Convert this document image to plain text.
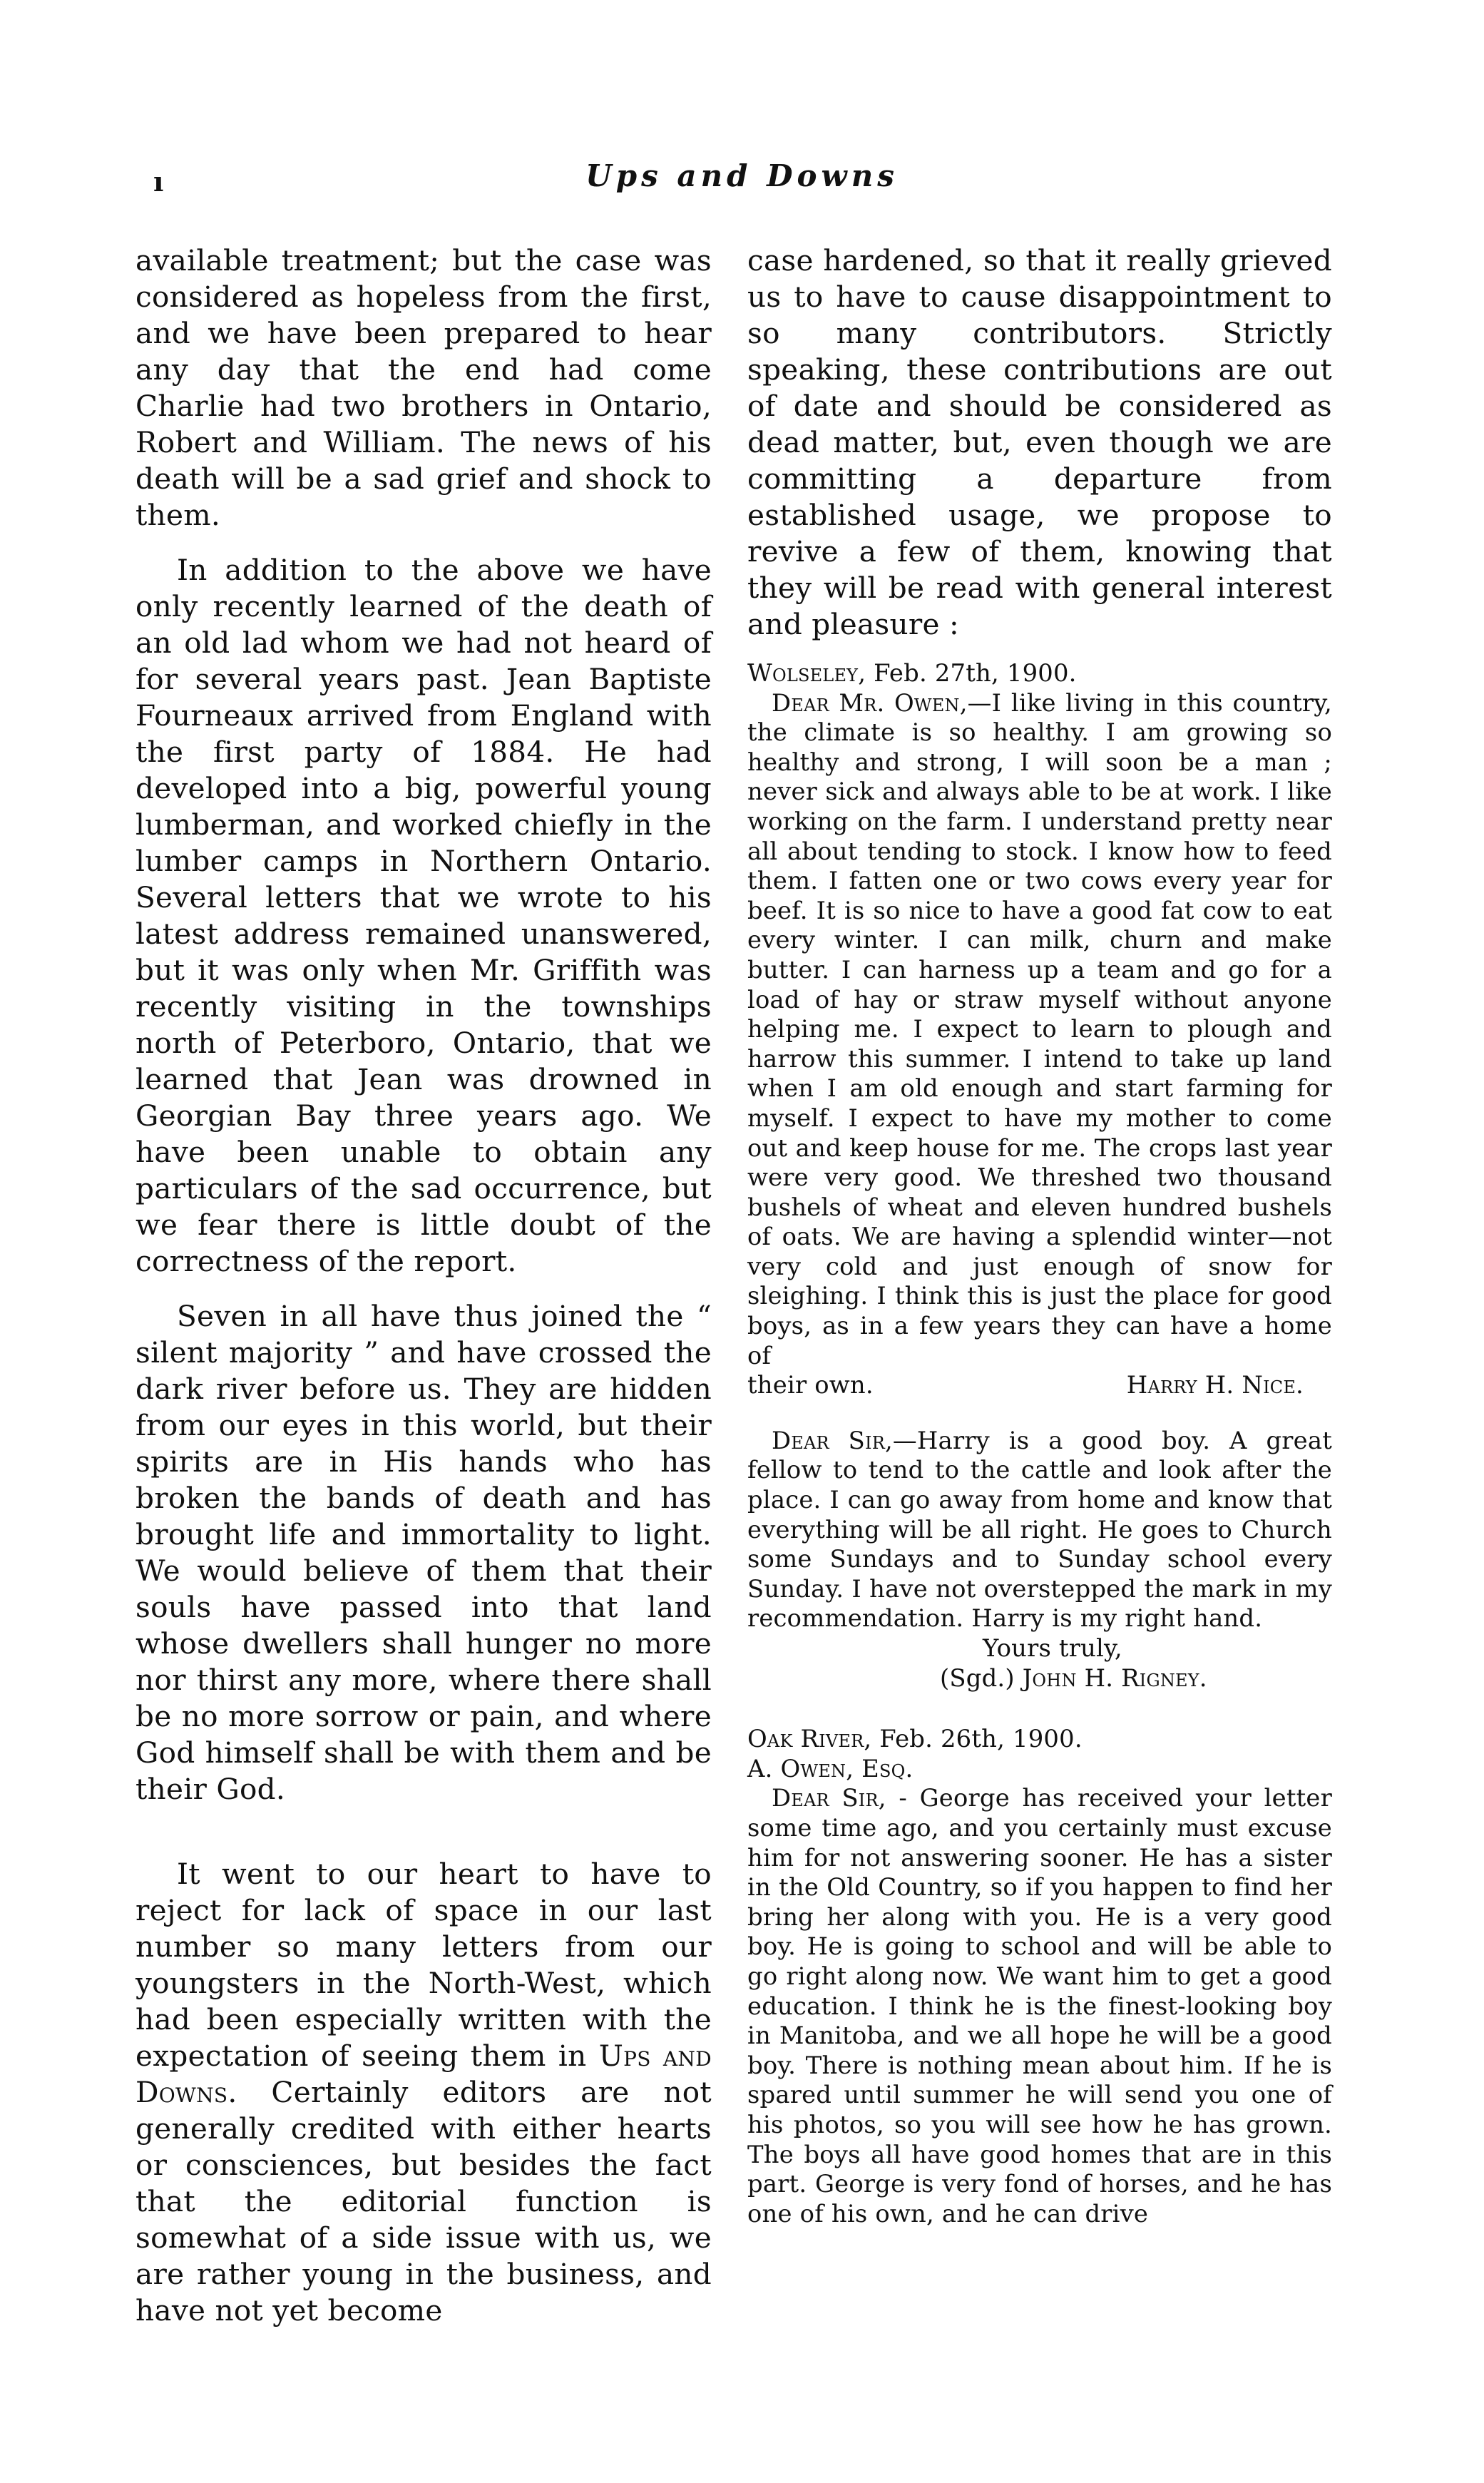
ı	Ups and Downs

available treatment; but the case was considered as hopeless from the first, and we have been prepared to hear any day that the end had come Charlie had two brothers in Ontario, Robert and William. The news of his death will be a sad grief and shock to them.

In addition to the above we have only recently learned of the death of an old lad whom we had not heard of for several years past. Jean Baptiste Fourneaux arrived from England with the first party of 1884. He had developed into a big, powerful young lumberman, and worked chiefly in the lumber camps in Northern Ontario. Several letters that we wrote to his latest address remained unanswered, but it was only when Mr. Griffith was recently visiting in the townships north of Peterboro, Ontario, that we learned that Jean was drowned in Georgian Bay three years ago. We have been unable to obtain any particulars of the sad occurrence, but we fear there is little doubt of the correctness of the report.

Seven in all have thus joined the “ silent majority ” and have crossed the dark river before us. They are hidden from our eyes in this world, but their spirits are in His hands who has broken the bands of death and has brought life and immortality to light. We would believe of them that their souls have passed into that land whose dwellers shall hunger no more nor thirst any more, where there shall be no more sorrow or pain, and where God himself shall be with them and be their God.

It went to our heart to have to reject for lack of space in our last number so many letters from our youngsters in the North-West, which had been especially written with the expectation of seeing them in Ups and Downs. Certainly editors are not generally credited with either hearts or consciences, but besides the fact that the editorial function is somewhat of a side issue with us, we are rather young in the business, and have not yet become

case hardened, so that it really grieved us to have to cause disappointment to so many contributors. Strictly speaking, these contributions are out of date and should be considered as dead matter, but, even though we are committing a departure from established usage, we propose to revive a few of them, knowing that they will be read with general interest and pleasure :

Wolseley, Feb. 27th, 1900.

Dear Mr. Owen,—I like living in this country, the climate is so healthy. I am growing so healthy and strong, I will soon be a man ; never sick and always able to be at work. I like working on the farm. I understand pretty near all about tending to stock. I know how to feed them. I fatten one or two cows every year for beef. It is so nice to have a good fat cow to eat every winter. I can milk, churn and make butter. I can harness up a team and go for a load of hay or straw myself without anyone helping me. I expect to learn to plough and harrow this summer. I intend to take up land when I am old enough and start farming for myself. I expect to have my mother to come out and keep house for me. The crops last year were very good. We threshed two thousand bushels of wheat and eleven hundred bushels of oats. We are having a splendid winter—not very cold and just enough of snow for sleighing. I think this is just the place for good boys, as in a few years they can have a home of

their own.	Harry H. Nice.

Dear Sir,—Harry is a good boy. A great fellow to tend to the cattle and look after the place. I can go away from home and know that everything will be all right. He goes to Church some Sundays and to Sunday school every Sunday. I have not overstepped the mark in my recommendation. Harry is my right hand.

Yours truly,

(Sgd.) John H. Rigney.

Oak River, Feb. 26th, 1900.

A. Owen, Esq.

Dear Sir, - George has received your letter some time ago, and you certainly must excuse him for not answering sooner. He has a sister in the Old Country, so if you happen to find her bring her along with you. He is a very good boy. He is going to school and will be able to go right along now. We want him to get a good education. I think he is the finest-looking boy in Manitoba, and we all hope he will be a good boy. There is nothing mean about him. If he is spared until summer he will send you one of his photos, so you will see how he has grown. The boys all have good homes that are in this part. George is very fond of horses, and he has one of his own, and he can drive
